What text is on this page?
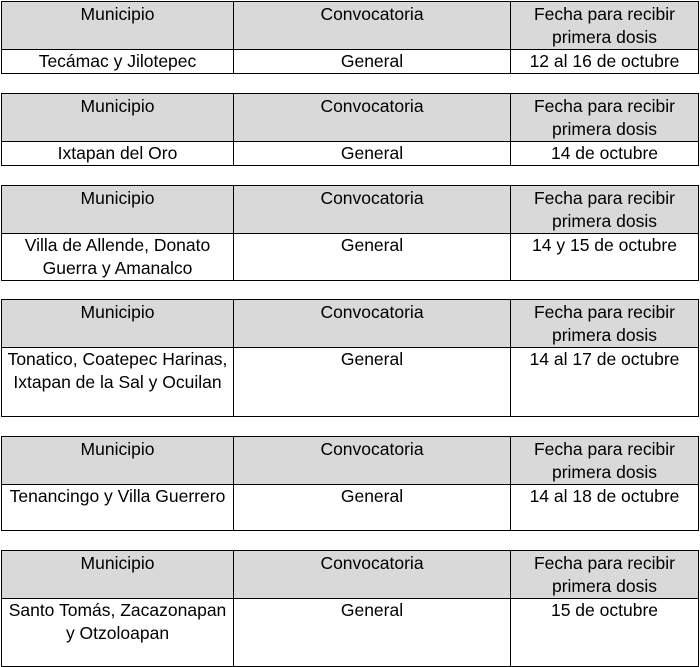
Municipio	Convocatoria	Fecha para recibir primera dosis
Tecámac y Jilotepec	General	12 al 16 de octubre
Municipio	Convocatoria	Fecha para recibir primera dosis
Ixtapan del Oro	General	14 de octubre
Municipio	Convocatoria	Fecha para recibir primera dosis
Villa de Allende, Donato Guerra y Amanalco	General	14 y 15 de octubre
Municipio	Convocatoria	Fecha para recibir primera dosis
Tonatico, Coatepec Harinas, Ixtapan de la Sal y Ocuilan	General	14 al 17 de octubre
Municipio	Convocatoria	Fecha para recibir primera dosis
Tenancingo y Villa Guerrero	General	14 al 18 de octubre
Municipio	Convocatoria	Fecha para recibir primera dosis
Santo Tomás, Zacazonapan y Otzoloapan	General	15 de octubre
